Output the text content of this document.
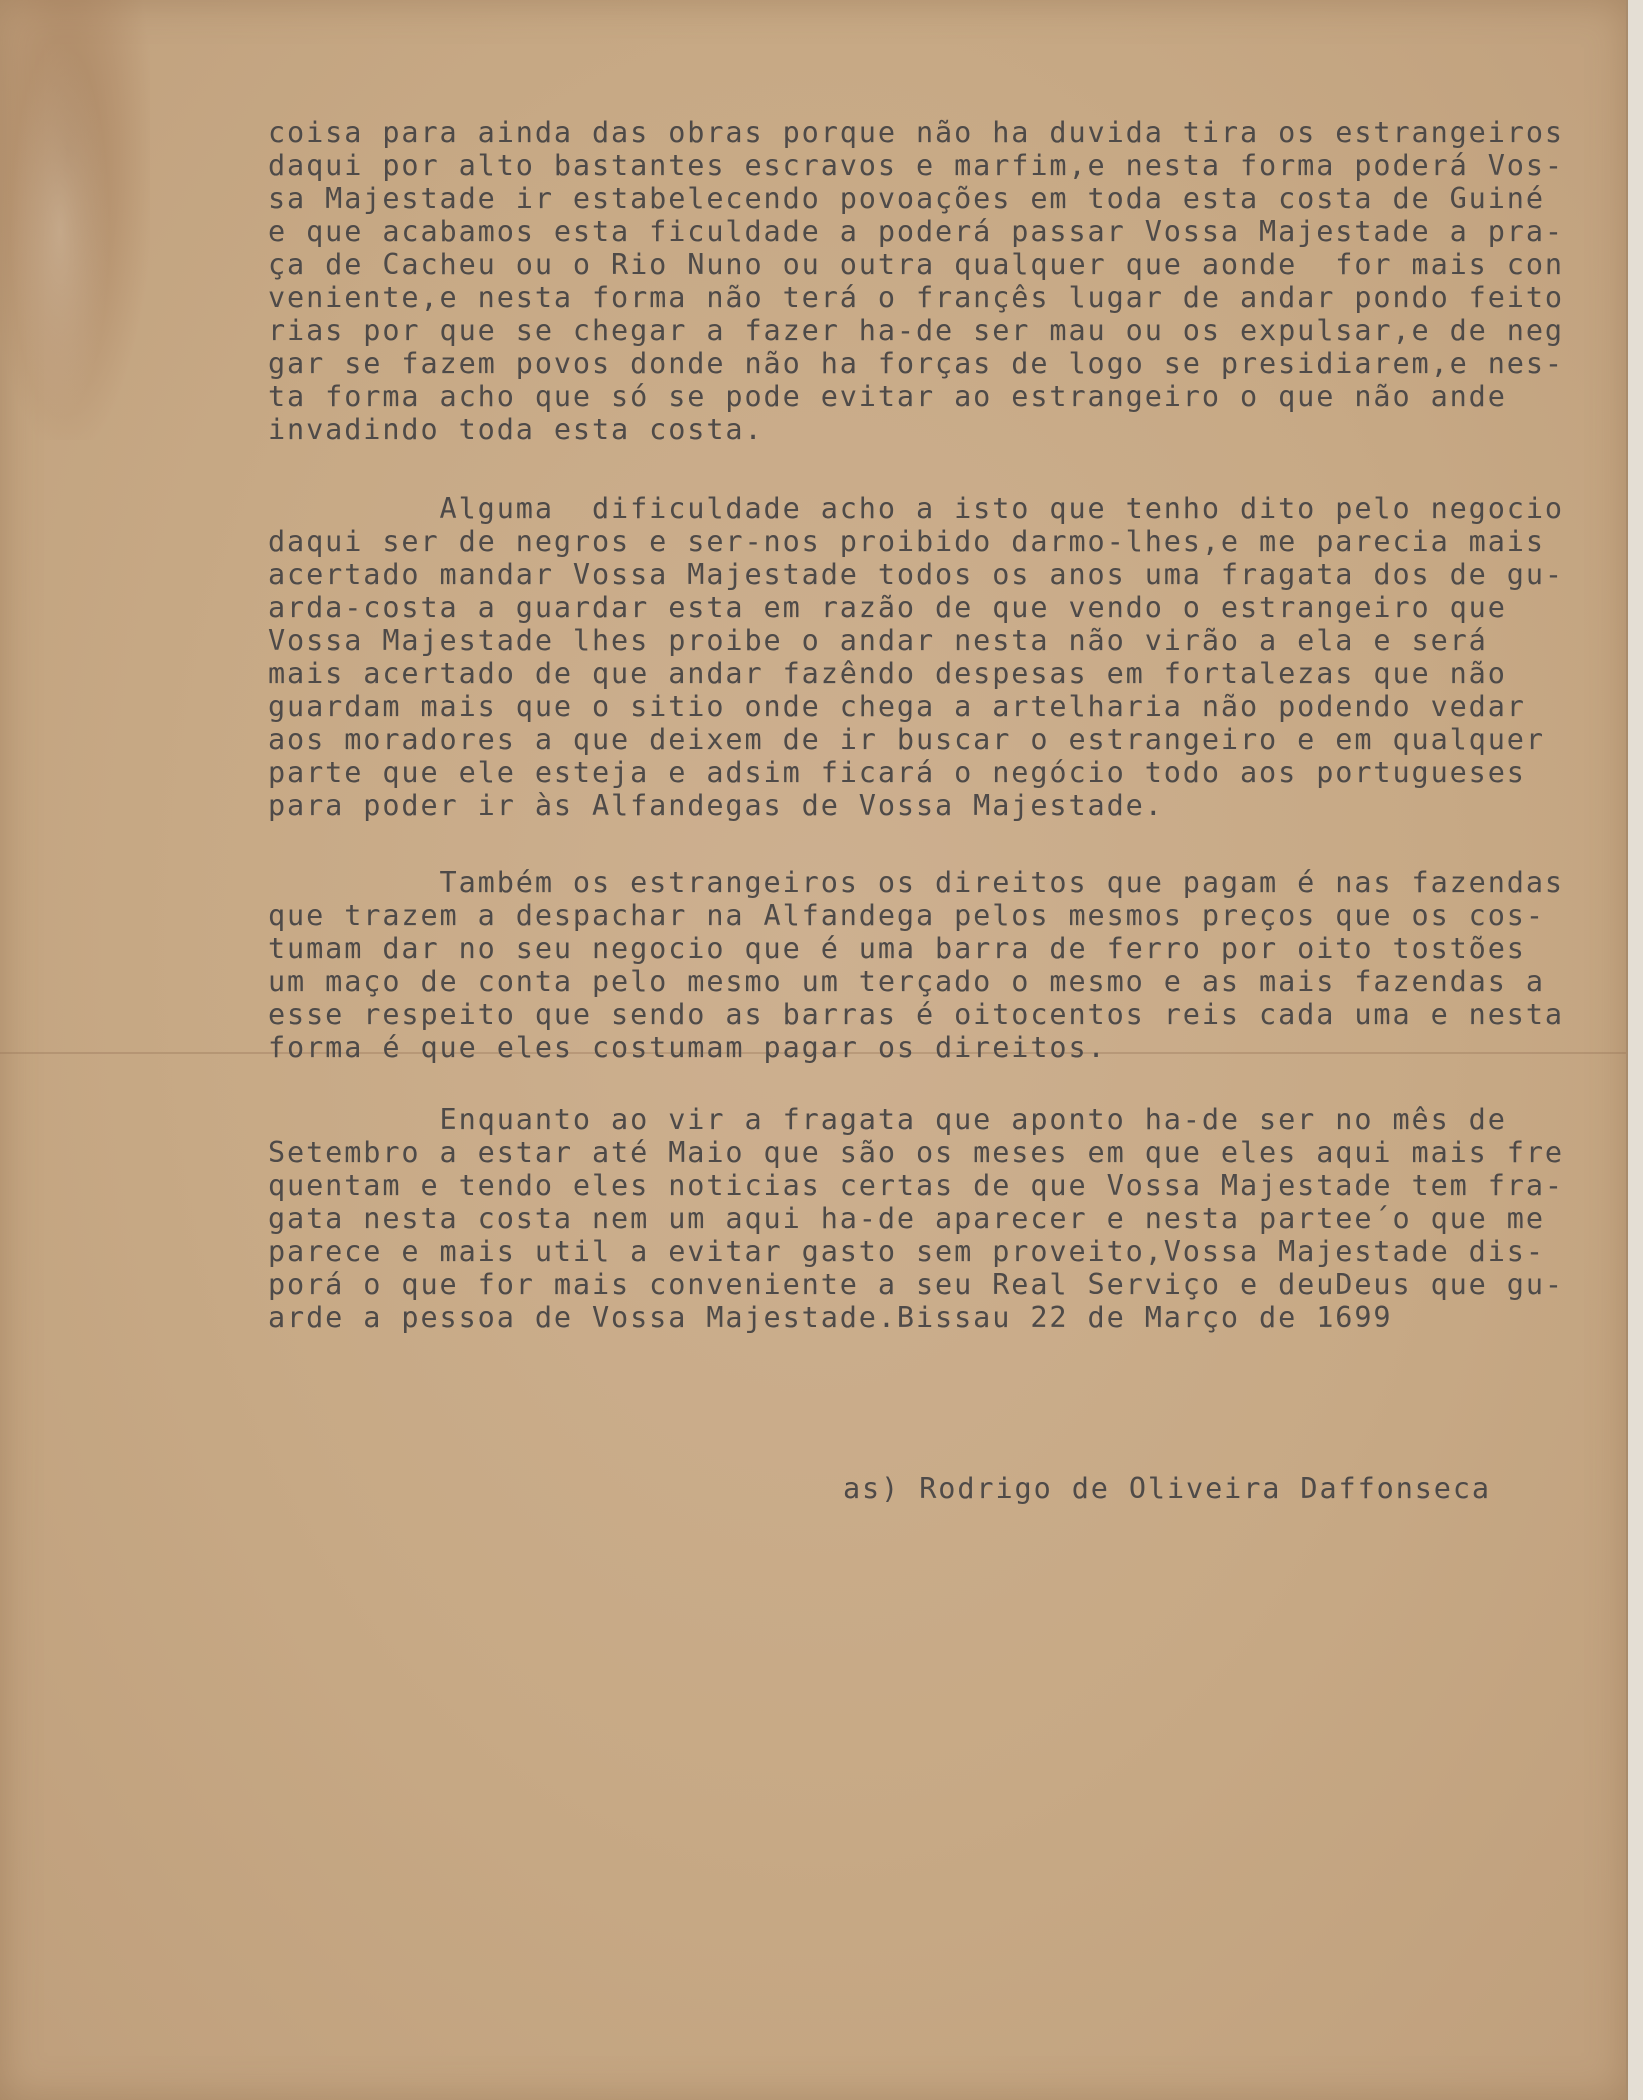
coisa para ainda das obras porque não ha duvida tira os estrangeiros
daqui por alto bastantes escravos e marfim,e nesta forma poderá Vos-
sa Majestade ir estabelecendo povoações em toda esta costa de Guiné
e que acabamos esta ficuldade a poderá passar Vossa Majestade a pra-
ça de Cacheu ou o Rio Nuno ou outra qualquer que aonde  for mais con
veniente,e nesta forma não terá o françês lugar de andar pondo feito
rias por que se chegar a fazer ha-de ser mau ou os expulsar,e de neg
gar se fazem povos donde não ha forças de logo se presidiarem,e nes-
ta forma acho que só se pode evitar ao estrangeiro o que não ande
invadindo toda esta costa.

Alguma  dificuldade acho a isto que tenho dito pelo negocio
daqui ser de negros e ser-nos proibido darmo-lhes,e me parecia mais
acertado mandar Vossa Majestade todos os anos uma fragata dos de gu-
arda-costa a guardar esta em razão de que vendo o estrangeiro que
Vossa Majestade lhes proibe o andar nesta não virão a ela e será
mais acertado de que andar fazêndo despesas em fortalezas que não
guardam mais que o sitio onde chega a artelharia não podendo vedar
aos moradores a que deixem de ir buscar o estrangeiro e em qualquer
parte que ele esteja e adsim ficará o negócio todo aos portugueses
para poder ir às Alfandegas de Vossa Majestade.

Também os estrangeiros os direitos que pagam é nas fazendas
que trazem a despachar na Alfandega pelos mesmos preços que os cos-
tumam dar no seu negocio que é uma barra de ferro por oito tostões
um maço de conta pelo mesmo um terçado o mesmo e as mais fazendas a
esse respeito que sendo as barras é oitocentos reis cada uma e nesta
forma é que eles costumam pagar os direitos.

Enquanto ao vir a fragata que aponto ha-de ser no mês de
Setembro a estar até Maio que são os meses em que eles aqui mais fre
quentam e tendo eles noticias certas de que Vossa Majestade tem fra-
gata nesta costa nem um aqui ha-de aparecer e nesta partee´o que me
parece e mais util a evitar gasto sem proveito,Vossa Majestade dis-
porá o que for mais conveniente a seu Real Serviço e deuDeus que gu-
arde a pessoa de Vossa Majestade.Bissau 22 de Março de 1699

as) Rodrigo de Oliveira Daffonseca
